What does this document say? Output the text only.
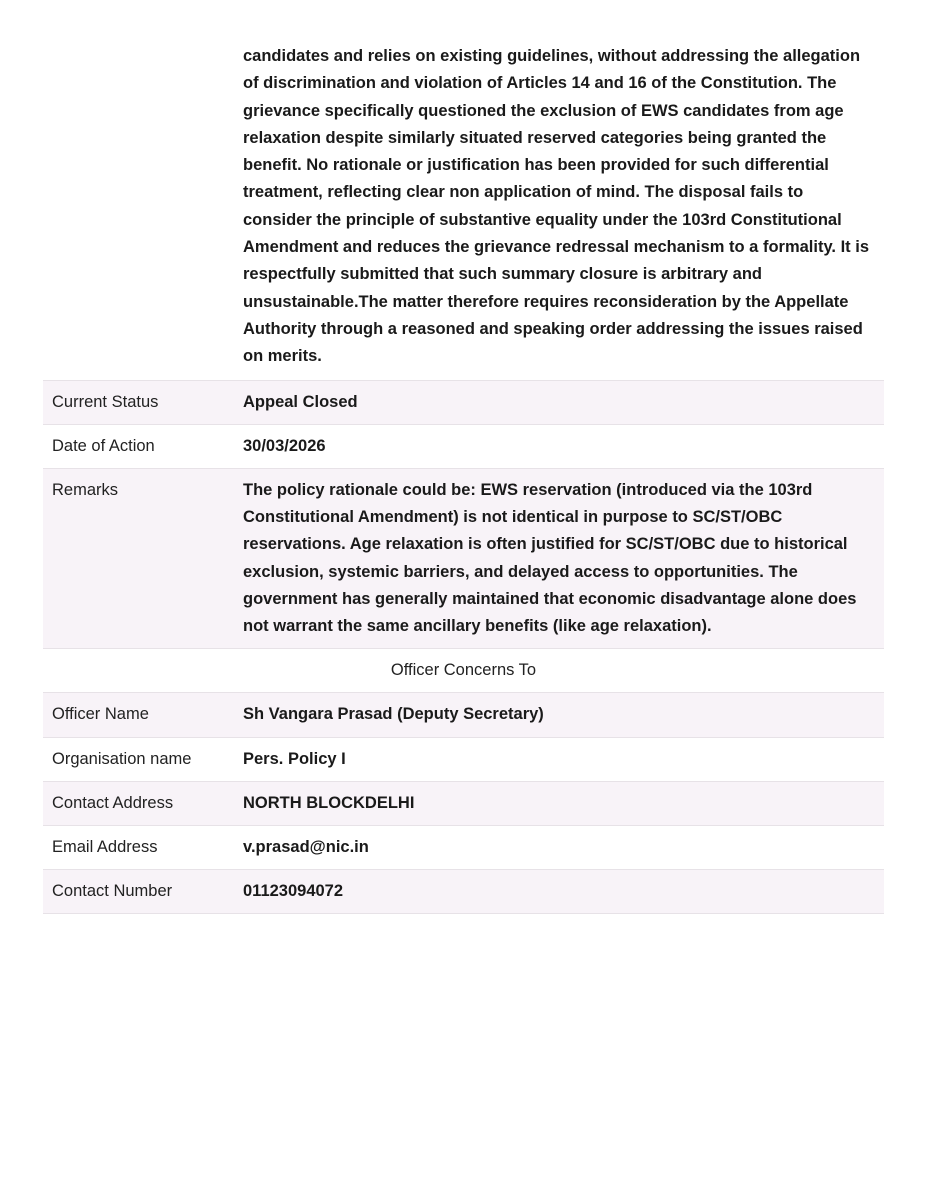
	candidates and relies on existing guidelines, without addressing the allegation of discrimination and violation of Articles 14 and 16 of the Constitution. The grievance specifically questioned the exclusion of EWS candidates from age relaxation despite similarly situated reserved categories being granted the benefit. No rationale or justification has been provided for such differential treatment, reflecting clear non application of mind. The disposal fails to consider the principle of substantive equality under the 103rd Constitutional Amendment and reduces the grievance redressal mechanism to a formality. It is respectfully submitted that such summary closure is arbitrary and unsustainable.The matter therefore requires reconsideration by the Appellate Authority through a reasoned and speaking order addressing the issues raised on merits.
Current Status	Appeal Closed
Date of Action	30/03/2026
Remarks	The policy rationale could be: EWS reservation (introduced via the 103rd Constitutional Amendment) is not identical in purpose to SC/ST/OBC reservations. Age relaxation is often justified for SC/ST/OBC due to historical exclusion, systemic barriers, and delayed access to opportunities. The government has generally maintained that economic disadvantage alone does not warrant the same ancillary benefits (like age relaxation).
Officer Concerns To	
Officer Name	Sh Vangara Prasad (Deputy Secretary)
Organisation name	Pers. Policy I
Contact Address	NORTH BLOCKDELHI
Email Address	v.prasad@nic.in
Contact Number	01123094072
